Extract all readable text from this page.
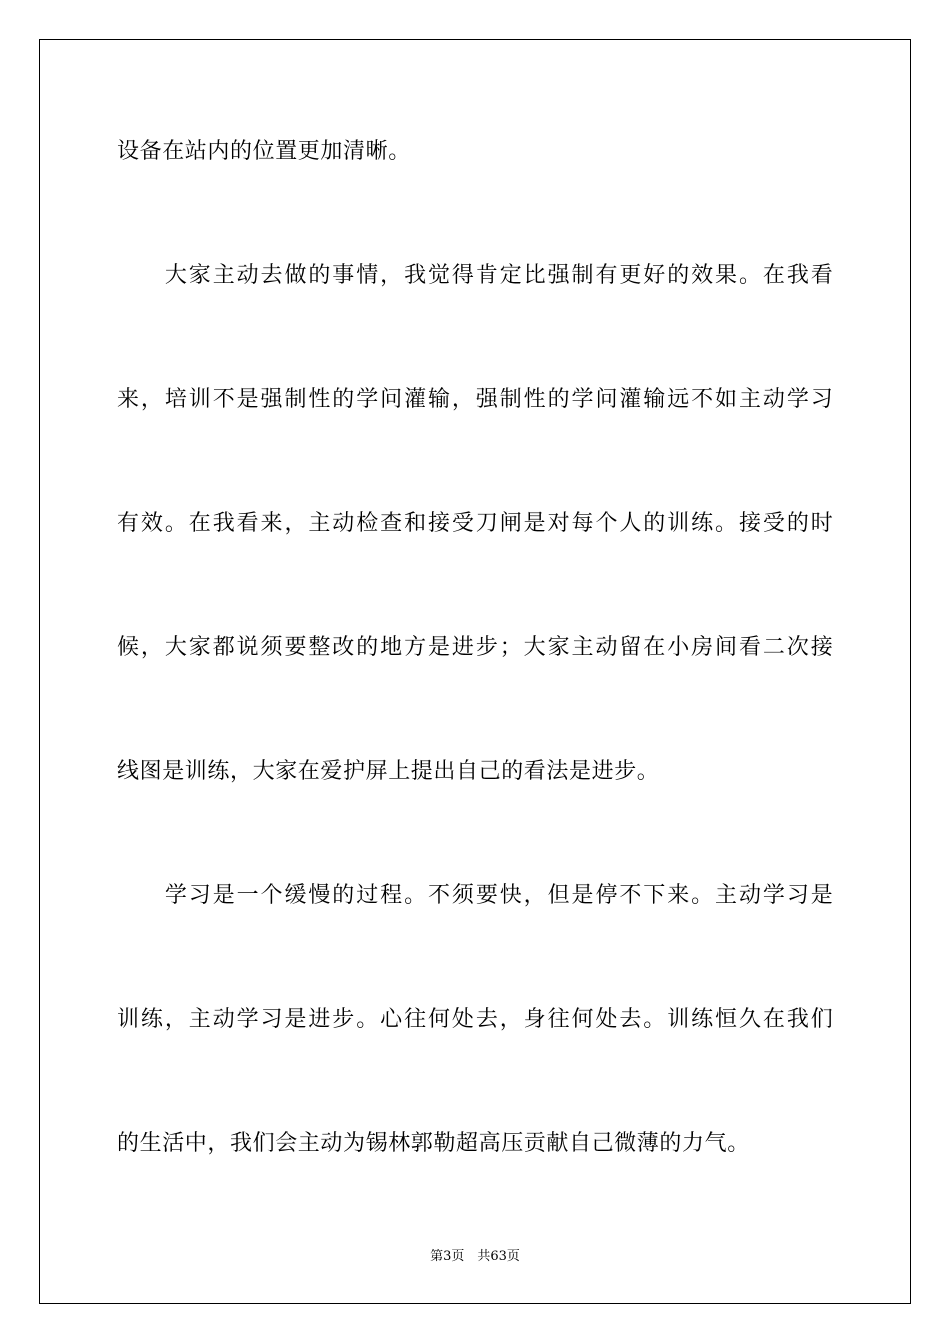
设备在站内的位置更加清晰。

大 家 主 动 去 做 的 事 情 ， 我 觉 得 肯 定 比 强 制 有 更 好 的 效 果 。 在 我 看
来 ， 培 训 不 是 强 制 性 的 学 问 灌 输 ， 强 制 性 的 学 问 灌 输 远 不 如 主 动 学 习
有 效 。 在 我 看 来 ， 主 动 检 查 和 接 受 刀 闸 是 对 每 个 人 的 训 练 。 接 受 的 时
候 ， 大 家 都 说 须 要 整 改 的 地 方 是 进 步 ； 大 家 主 动 留 在 小 房 间 看 二 次 接
线图是训练，大家在爱护屏上提出自己的看法是进步。

学 习 是 一 个 缓 慢 的 过 程 。 不 须 要 快 ， 但 是 停 不 下 来 。 主 动 学 习 是
训 练 ， 主 动 学 习 是 进 步 。 心 往 何 处 去 ， 身 往 何 处 去 。 训 练 恒 久 在 我 们
的生活中，我们会主动为锡林郭勒超高压贡献自己微薄的力气。
第3页　共63页
